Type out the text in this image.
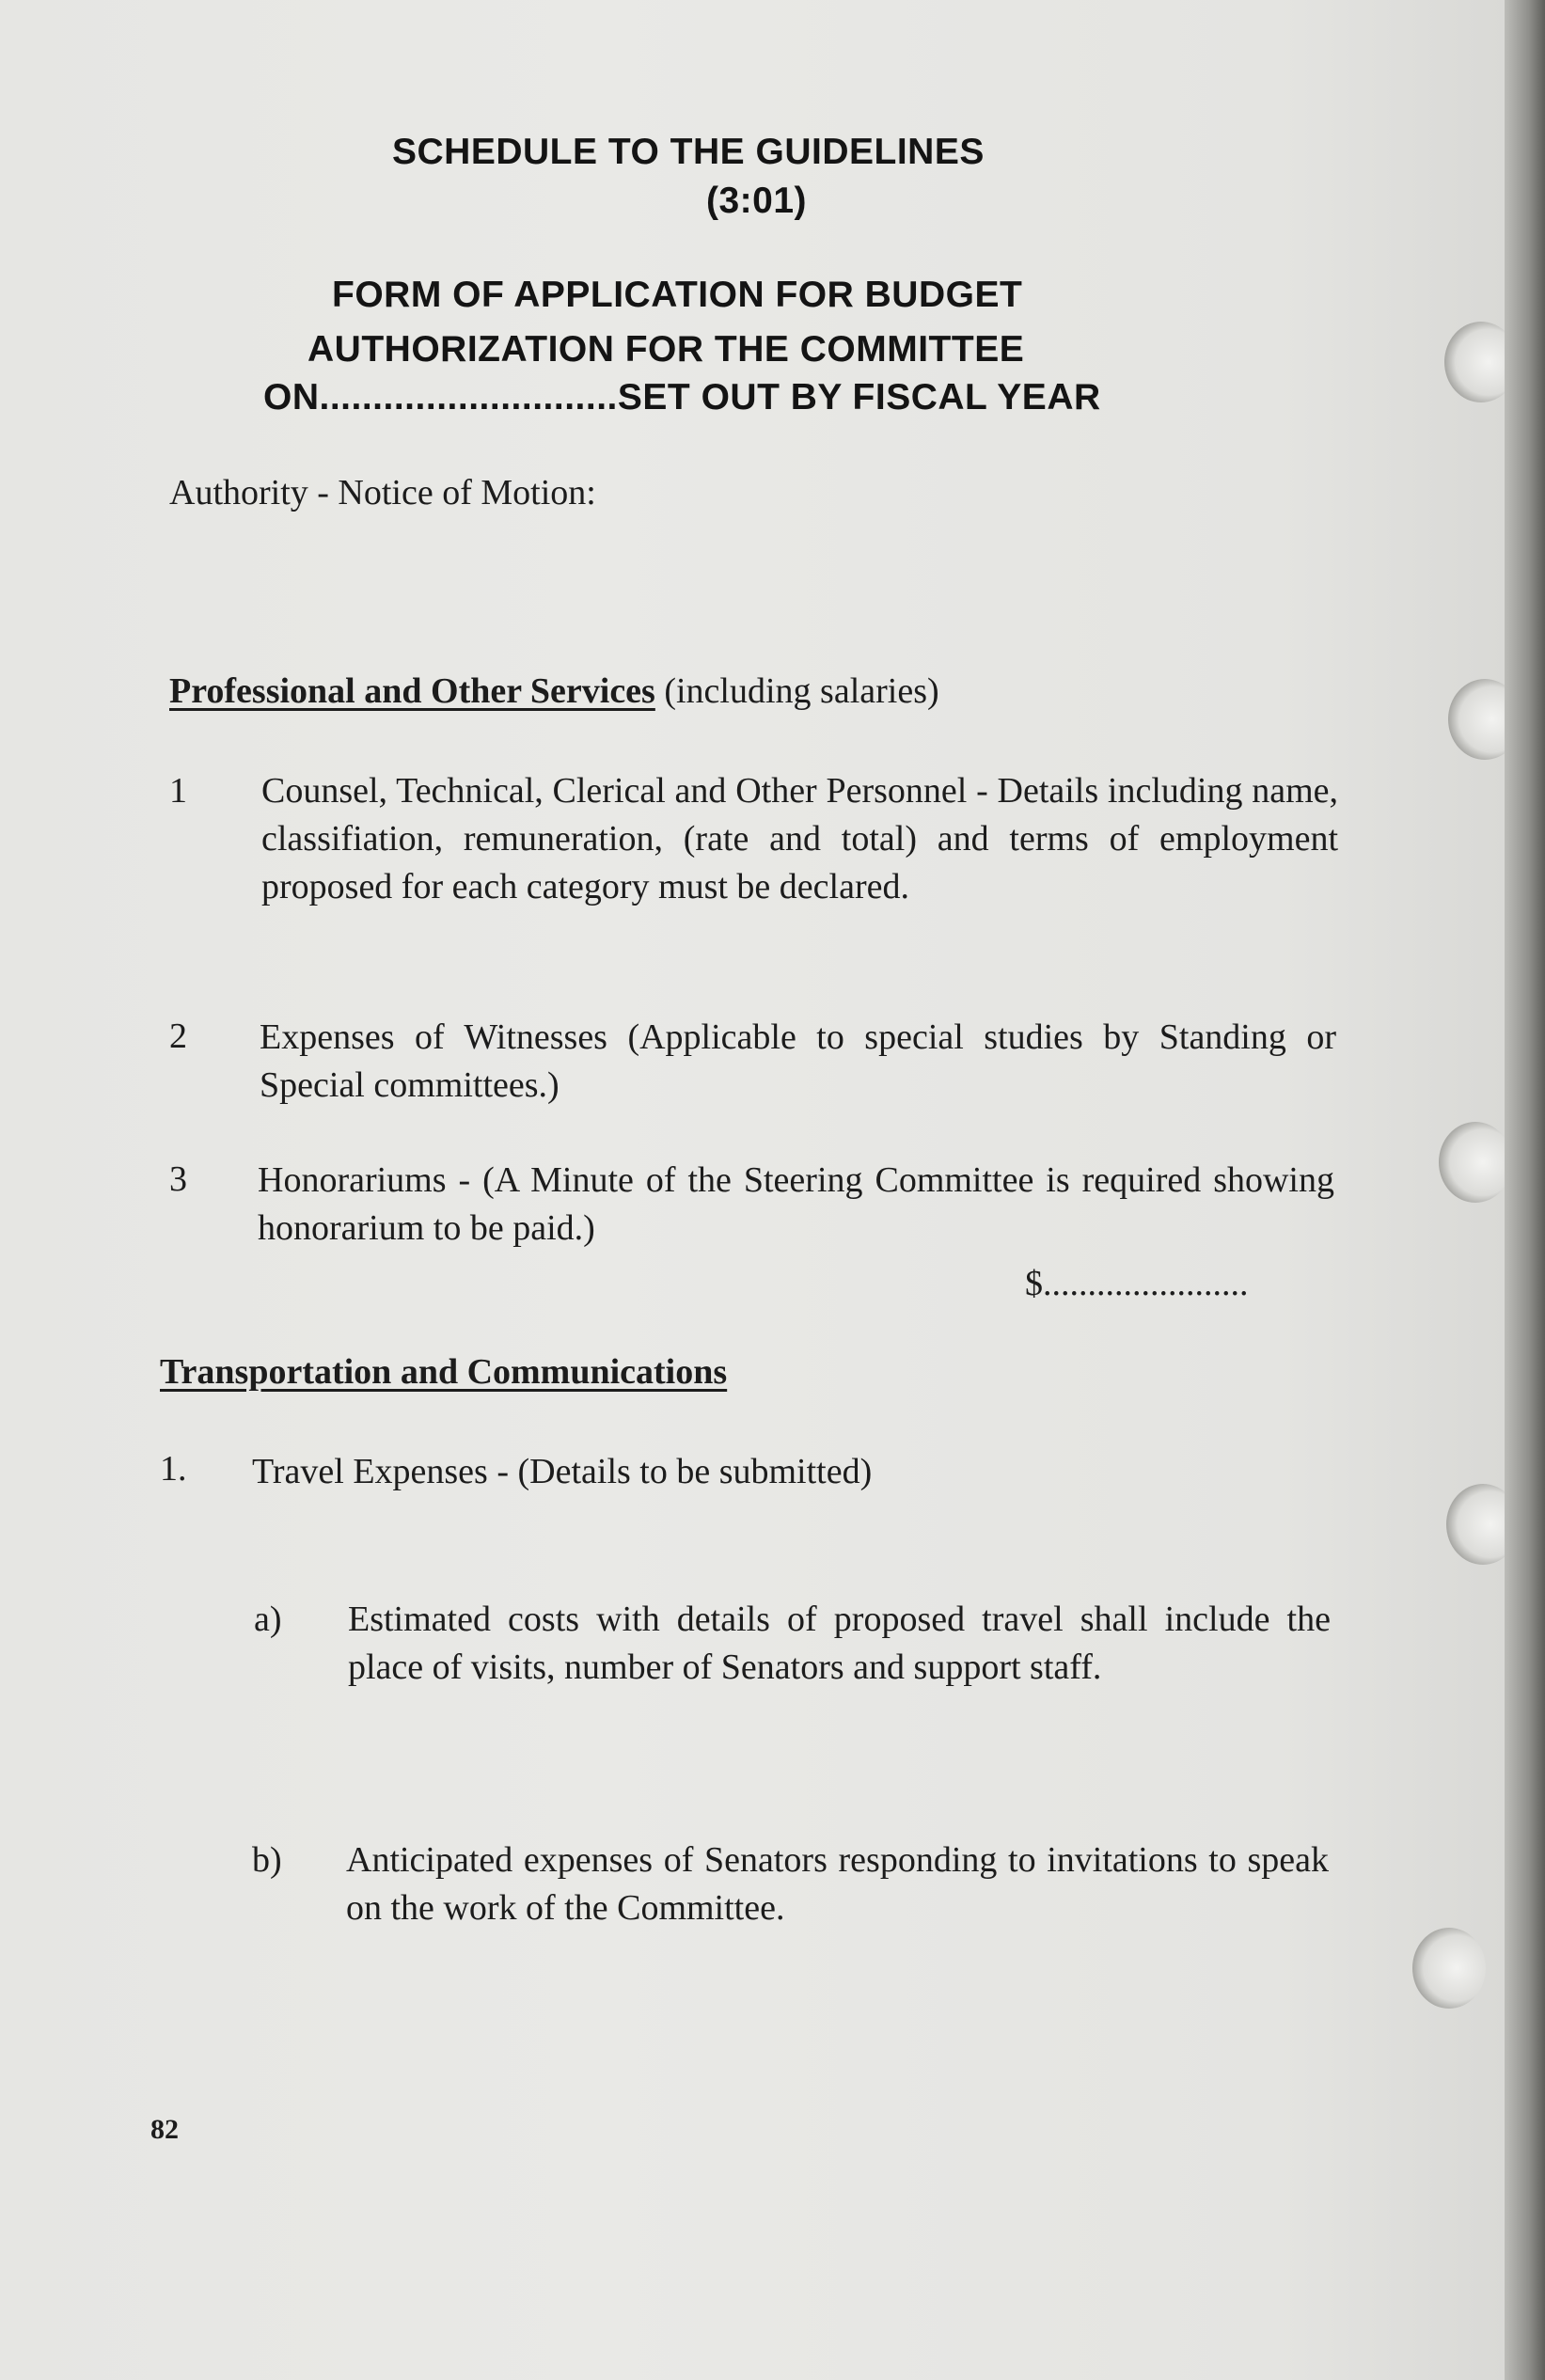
SCHEDULE TO THE GUIDELINES
(3:01)
FORM OF APPLICATION FOR BUDGET
AUTHORIZATION FOR THE COMMITTEE
ON............................SET OUT BY FISCAL YEAR
Authority - Notice of Motion:
Professional and Other Services (including salaries)
1 Counsel, Technical, Clerical and Other Personnel - Details including name, classifiation, remuneration, (rate and total) and terms of employment proposed for each category must be declared.
2 Expenses of Witnesses (Applicable to special studies by Standing or Special committees.)
3 Honorariums - (A Minute of the Steering Committee is required showing honorarium to be paid.)
$.......................
Transportation and Communications
1. Travel Expenses - (Details to be submitted)
a) Estimated costs with details of proposed travel shall include the place of visits, number of Senators and support staff.
b) Anticipated expenses of Senators responding to invitations to speak on the work of the Committee.
82
